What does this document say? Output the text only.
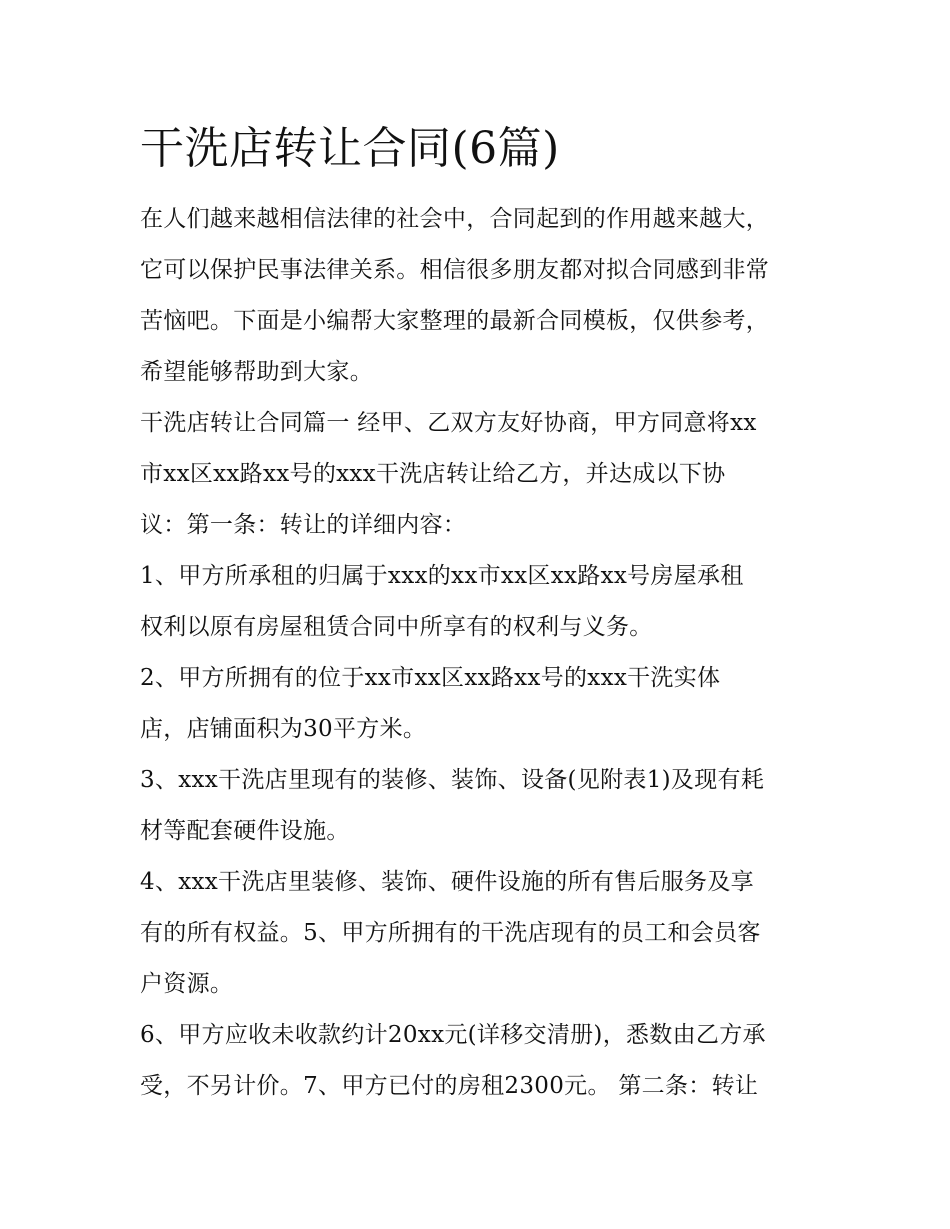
干洗店转让合同(6篇)

在人们越来越相信法律的社会中，合同起到的作用越来越大，

它可以保护民事法律关系。相信很多朋友都对拟合同感到非常

苦恼吧。下面是小编帮大家整理的最新合同模板，仅供参考，

希望能够帮助到大家。

干洗店转让合同篇一 经甲、乙双方友好协商，甲方同意将xx

市xx区xx路xx号的xxx干洗店转让给乙方，并达成以下协

议：第一条：转让的详细内容：

1、甲方所承租的归属于xxx的xx市xx区xx路xx号房屋承租

权利以原有房屋租赁合同中所享有的权利与义务。

2、甲方所拥有的位于xx市xx区xx路xx号的xxx干洗实体

店，店铺面积为30平方米。

3、xxx干洗店里现有的装修、装饰、设备(见附表1)及现有耗

材等配套硬件设施。

4、xxx干洗店里装修、装饰、硬件设施的所有售后服务及享

有的所有权益。5、甲方所拥有的干洗店现有的员工和会员客

户资源。

6、甲方应收未收款约计20xx元(详移交清册)，悉数由乙方承

受，不另计价。7、甲方已付的房租2300元。 第二条：转让
